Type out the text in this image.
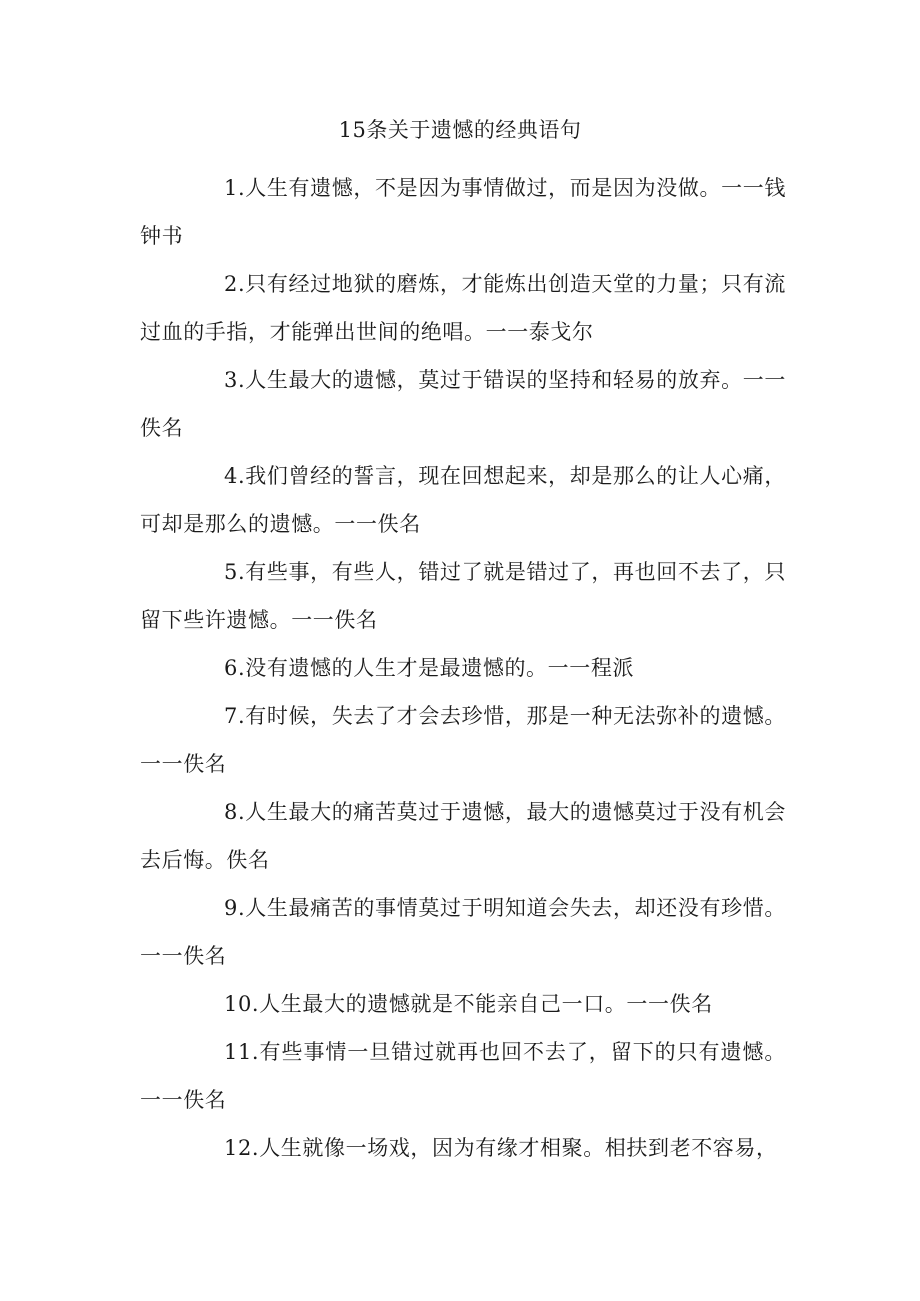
15条关于遗憾的经典语句
1.人生有遗憾，不是因为事情做过，而是因为没做。一一钱钟书
2.只有经过地狱的磨炼，才能炼出创造天堂的力量；只有流过血的手指，才能弹出世间的绝唱。一一泰戈尔
3.人生最大的遗憾，莫过于错误的坚持和轻易的放弃。一一佚名
4.我们曾经的誓言，现在回想起来，却是那么的让人心痛，可却是那么的遗憾。一一佚名
5.有些事，有些人，错过了就是错过了，再也回不去了，只留下些许遗憾。一一佚名
6.没有遗憾的人生才是最遗憾的。一一程派
7.有时候，失去了才会去珍惜，那是一种无法弥补的遗憾。一一佚名
8.人生最大的痛苦莫过于遗憾，最大的遗憾莫过于没有机会去后悔。佚名
9.人生最痛苦的事情莫过于明知道会失去，却还没有珍惜。一一佚名
10.人生最大的遗憾就是不能亲自己一口。一一佚名
11.有些事情一旦错过就再也回不去了，留下的只有遗憾。一一佚名
12.人生就像一场戏，因为有缘才相聚。相扶到老不容易，
